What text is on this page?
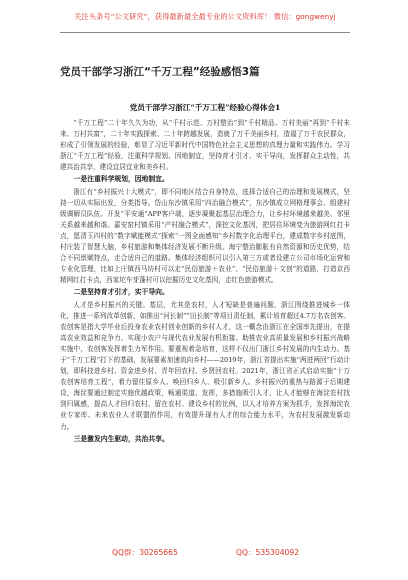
关注头条号“公文研究”，获得最新最全最专业的公文资料库！ 微信：gongwenyj
党员干部学习浙江“千万工程”经验感悟3篇
党员干部学习浙江“千万工程”经验心得体会1

“千万工程”二十年久久为功，从“千村示范、万村整治”到“千村精品、万村美丽”再到“千村未来、万村共富”，二十年实践探索、二十年跨越发展，造就了万千美丽乡村，造福了万千农民群众，形成了引领发展的经验，彰显了习近平新时代中国特色社会主义思想的真理力量和实践伟力。学习浙江“千万工程”经验，注重科学规划、因地制宜，坚持育才引才、实干导向，发挥群众主动性，共建共治共享，建设宜居宜业和美乡村。

一是注重科学规划，因地制宜。

浙江有“乡村振兴十大模式”，即不同地区结合自身特点，选择合适自己的治理和发展模式，坚持一切从实际出发，分类指导。岱山东沙镇采用“四治融合模式”，东沙镇成立网格理事会、组建村级调解员队伍。开发“平安通”APP客户端，逐步凝聚起基层治理合力，让乡村环境越来越美、邻里关系越来越和谐。嘉安窑村镇采用“产村融合模式”，深挖文化基因，把居住环境变为旅游网红打卡点，愿清玉四村的“数字赋能模式”探索“一图全面感知”乡村数字化治理平台，建成数字乡村底图，村庄装了智慧大脑，乡村旅游和集体经济发展不断升级。海宁整治膨胀有自然资源和历史优势，结合不同禀赋特点，走合适自己的道路。集体经济组织可以引入第三方或者设建立公司市场化运营和专业化管理，比如上庄镇西马坊村可以走“民俗旅游＋农业”、“民俗旅游＋文创”的道路，打造京西精网红打卡点，西家坨车芽蓬村可以挖掘历史文化基因，走红色旅游模式。

二是坚持育才引才，实干导向。

人才是乡村振兴的关键。基层，尤其是农村，人才短缺是普遍问题，浙江围绕推进城乡一体化，推进一系列改革创新，如推出“河长制”“田长制”等项目责任制，累计培育超过4.7万名农创客。农创客是指大学毕业后投身农业农村创业创新的乡村人才，这一概念由浙江在全国率先提出，在提高农业效益和竞争力、实现小农户与现代农业发展有机衔接、助推农业高质量发展和乡村振兴战略实施中，农创客发挥着生力军作用。要重视着急培育，这样不仅出门浙江乡村发展的内生动力。基于“千万工程”打下的基础，发展要素加速流向乡村——2019年，浙江省提出实施“两进两回”行动计划，即科技进乡村、资金进乡村、青年回农村、乡贤回农村。2021年，浙江省正式启动实施“十万农创客培育工程”，着力留住原乡人、唤回归乡人、吸引新乡人。乡村振兴的重热与路源于后期建设，海淀要通过制定实施优越政策，畅通渠道、发挥，多措施吸引人才，让人才能够在海淀农村找到归属感，提高人才回归农村、留在农村、建设乡村的比例，以人才培养方案为抓手，发挥海淀农业专家库、未来农业人才联盟的作用，有效提升现有人才的综合能力水平，为农村发展激发新动力。

三是激发内生驱动，共治共享。
QQ群：30265665	QQ：535304092
